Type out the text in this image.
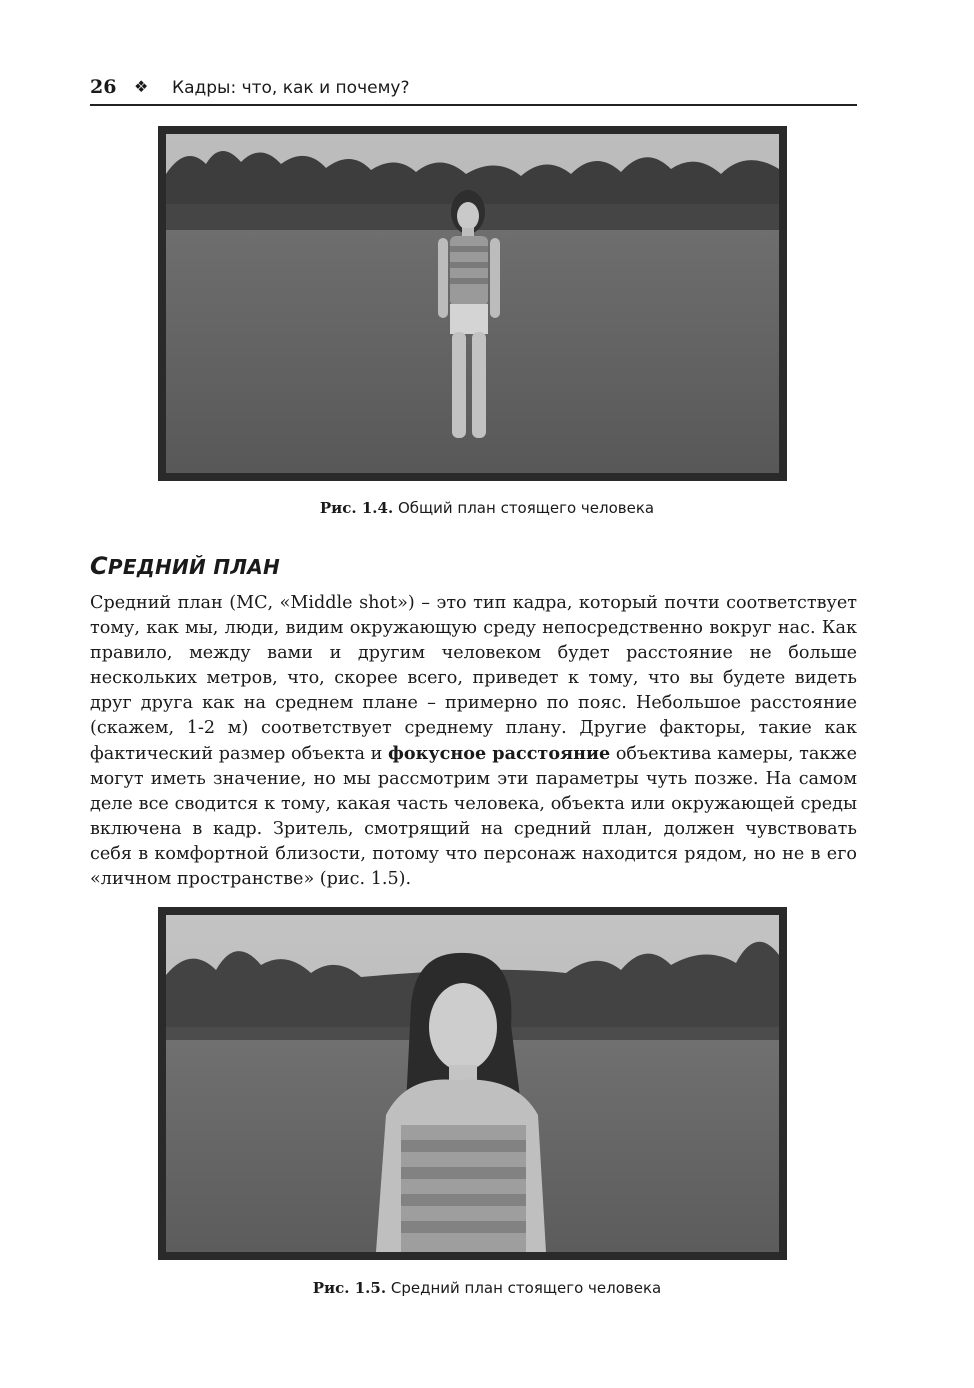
26 ❖ Кадры: что, как и почему?
Рис. 1.4. Общий план стоящего человека
СРЕДНИЙ ПЛАН
Средний план (МС, «Middle shot») – это тип кадра, который почти соответствует тому, как мы, люди, видим окружающую среду непосредственно вокруг нас. Как правило, между вами и другим человеком будет расстояние не больше нескольких метров, что, скорее всего, приведет к тому, что вы будете видеть друг друга как на среднем плане – примерно по пояс. Небольшое расстояние (скажем, 1-2 м) соответствует среднему плану. Другие факторы, такие как фактический размер объекта и фокусное расстояние объектива камеры, также могут иметь значение, но мы рассмотрим эти параметры чуть позже. На самом деле все сводится к тому, какая часть человека, объекта или окружающей среды включена в кадр. Зритель, смотрящий на средний план, должен чувствовать себя в комфортной близости, потому что персонаж находится рядом, но не в его «личном пространстве» (рис. 1.5).
Рис. 1.5. Средний план стоящего человека
